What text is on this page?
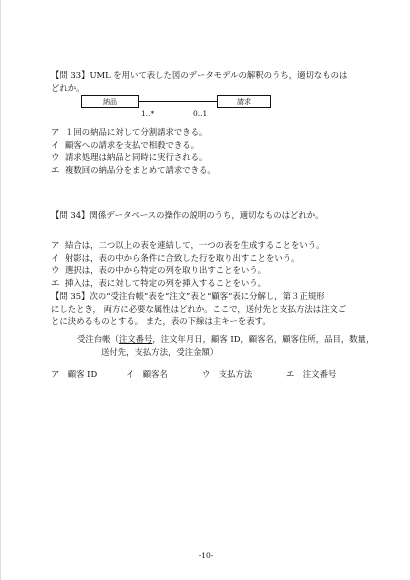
【問 33】UML を用いて表した図のデータモデルの解釈のうち，適切なものは

どれか。

納品	請求
1..*	0..1

ア １回の納品に対して分割請求できる。

イ 顧客への請求を支払で相殺できる。

ウ 請求処理は納品と同時に実行される。

エ 複数回の納品分をまとめて請求できる。

【問 34】関係データベースの操作の説明のうち，適切なものはどれか。

ア 結合は，二つ以上の表を連結して，一つの表を生成することをいう。

イ 射影は，表の中から条件に合致した行を取り出すことをいう。

ウ 選択は，表の中から特定の列を取り出すことをいう。

エ 挿入は，表に対して特定の列を挿入することをいう。

【問 35】次の“受注台帳”表を“注文”表と“顧客”表に分解し，第３正規形

にしたとき， 両方に必要な属性はどれか。ここで，送付先と支払方法は注文ご

とに決めるものとする。 また，表の下線は主キーを表す。

受注台帳（注文番号，注文年月日，顧客 ID，顧客名，顧客住所，品目，数量，
送付先，支払方法，受注金額）
ア　 顧客 ID	イ　 顧客名	ウ　 支払方法	エ　 注文番号
-10-
